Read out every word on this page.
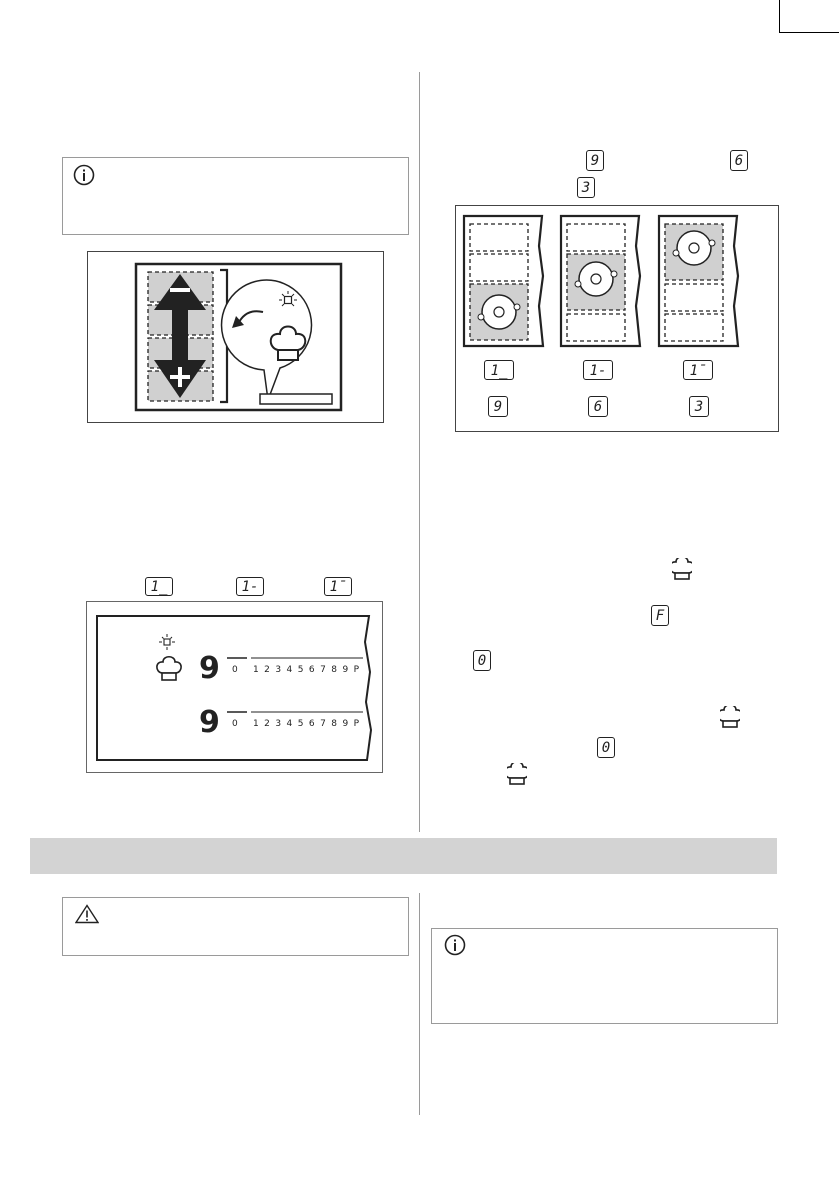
1_	1-	1¯
9 0 1 2 3 4 5 6 7 8 9 P
9 0 1 2 3 4 5 6 7 8 9 P
9	6
3
1_	1-	1¯
9	6	3
F
0
0
